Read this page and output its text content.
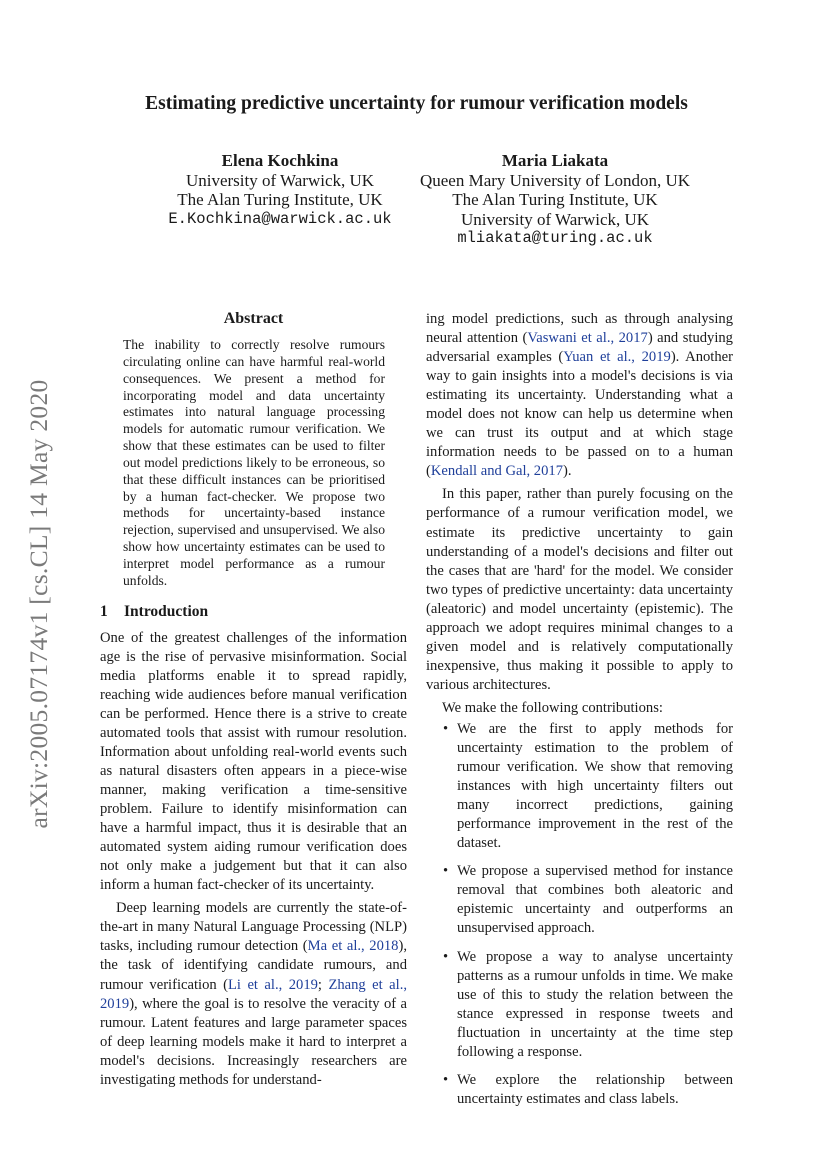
arXiv:2005.07174v1 [cs.CL] 14 May 2020
Estimating predictive uncertainty for rumour verification models
Elena Kochkina
University of Warwick, UK
The Alan Turing Institute, UK
E.Kochkina@warwick.ac.uk
Maria Liakata
Queen Mary University of London, UK
The Alan Turing Institute, UK
University of Warwick, UK
mliakata@turing.ac.uk
Abstract

The inability to correctly resolve rumours circulating online can have harmful real-world consequences. We present a method for incorporating model and data uncertainty estimates into natural language processing models for automatic rumour verification. We show that these estimates can be used to filter out model predictions likely to be erroneous, so that these difficult instances can be prioritised by a human fact-checker. We propose two methods for uncertainty-based instance rejection, supervised and unsupervised. We also show how uncertainty estimates can be used to interpret model performance as a rumour unfolds.

1 Introduction

One of the greatest challenges of the information age is the rise of pervasive misinformation. Social media platforms enable it to spread rapidly, reaching wide audiences before manual verification can be performed. Hence there is a strive to create automated tools that assist with rumour resolution. Information about unfolding real-world events such as natural disasters often appears in a piece-wise manner, making verification a time-sensitive problem. Failure to identify misinformation can have a harmful impact, thus it is desirable that an automated system aiding rumour verification does not only make a judgement but that it can also inform a human fact-checker of its uncertainty.

Deep learning models are currently the state-of-the-art in many Natural Language Processing (NLP) tasks, including rumour detection (Ma et al., 2018), the task of identifying candidate rumours, and rumour verification (Li et al., 2019; Zhang et al., 2019), where the goal is to resolve the veracity of a rumour. Latent features and large parameter spaces of deep learning models make it hard to interpret a model's decisions. Increasingly researchers are investigating methods for understand-

ing model predictions, such as through analysing neural attention (Vaswani et al., 2017) and studying adversarial examples (Yuan et al., 2019). Another way to gain insights into a model's decisions is via estimating its uncertainty. Understanding what a model does not know can help us determine when we can trust its output and at which stage information needs to be passed on to a human (Kendall and Gal, 2017).

In this paper, rather than purely focusing on the performance of a rumour verification model, we estimate its predictive uncertainty to gain understanding of a model's decisions and filter out the cases that are 'hard' for the model. We consider two types of predictive uncertainty: data uncertainty (aleatoric) and model uncertainty (epistemic). The approach we adopt requires minimal changes to a given model and is relatively computationally inexpensive, thus making it possible to apply to various architectures.

We make the following contributions:

• We are the first to apply methods for uncertainty estimation to the problem of rumour verification. We show that removing instances with high uncertainty filters out many incorrect predictions, gaining performance improvement in the rest of the dataset.
• We propose a supervised method for instance removal that combines both aleatoric and epistemic uncertainty and outperforms an unsupervised approach.
• We propose a way to analyse uncertainty patterns as a rumour unfolds in time. We make use of this to study the relation between the stance expressed in response tweets and fluctuation in uncertainty at the time step following a response.
• We explore the relationship between uncertainty estimates and class labels.
